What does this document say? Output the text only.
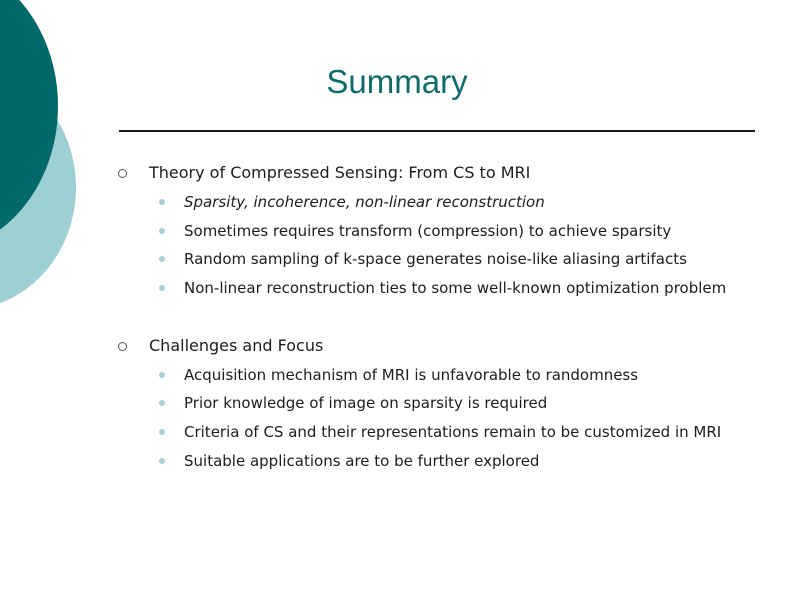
Summary
Theory of Compressed Sensing: From CS to MRI
Sparsity, incoherence, non-linear reconstruction
Sometimes requires transform (compression) to achieve sparsity
Random sampling of k-space generates noise-like aliasing artifacts
Non-linear reconstruction ties to some well-known optimization problem
Challenges and Focus
Acquisition mechanism of MRI is unfavorable to randomness
Prior knowledge of image on sparsity is required
Criteria of CS and their representations remain to be customized in MRI
Suitable applications are to be further explored
